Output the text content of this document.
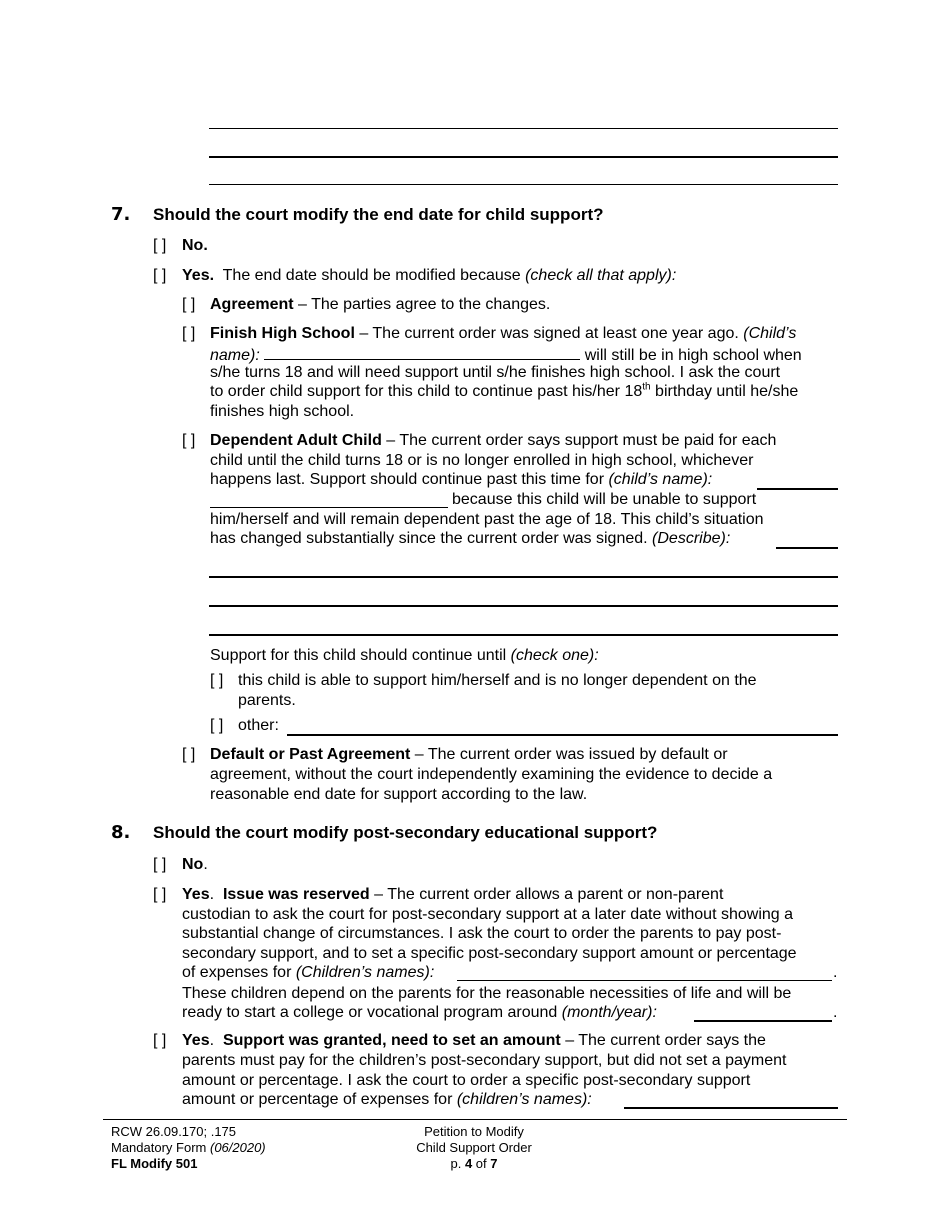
7. Should the court modify the end date for child support?
[ ] No.
[ ] Yes. The end date should be modified because (check all that apply):
[ ] Agreement – The parties agree to the changes.
[ ] Finish High School – The current order was signed at least one year ago. (Child’s
name):	will still be in high school when
s/he turns 18 and will need support until s/he finishes high school. I ask the court
to order child support for this child to continue past his/her 18th birthday until he/she
finishes high school.
[ ] Dependent Adult Child – The current order says support must be paid for each
child until the child turns 18 or is no longer enrolled in high school, whichever
happens last. Support should continue past this time for (child’s name):
because this child will be unable to support
him/herself and will remain dependent past the age of 18. This child’s situation
has changed substantially since the current order was signed. (Describe):
Support for this child should continue until (check one):
[ ] this child is able to support him/herself and is no longer dependent on the
parents.
[ ] other:
[ ] Default or Past Agreement – The current order was issued by default or
agreement, without the court independently examining the evidence to decide a
reasonable end date for support according to the law.
8. Should the court modify post-secondary educational support?
[ ] No.
[ ] Yes. Issue was reserved – The current order allows a parent or non-parent
custodian to ask the court for post-secondary support at a later date without showing a
substantial change of circumstances. I ask the court to order the parents to pay post-
secondary support, and to set a specific post-secondary support amount or percentage
of expenses for (Children’s names):	.
These children depend on the parents for the reasonable necessities of life and will be
ready to start a college or vocational program around (month/year):	.
[ ] Yes. Support was granted, need to set an amount – The current order says the
parents must pay for the children’s post-secondary support, but did not set a payment
amount or percentage. I ask the court to order a specific post-secondary support
amount or percentage of expenses for (children’s names):
RCW 26.09.170; .175
Mandatory Form (06/2020)
FL Modify 501
Petition to Modify
Child Support Order
p. 4 of 7
